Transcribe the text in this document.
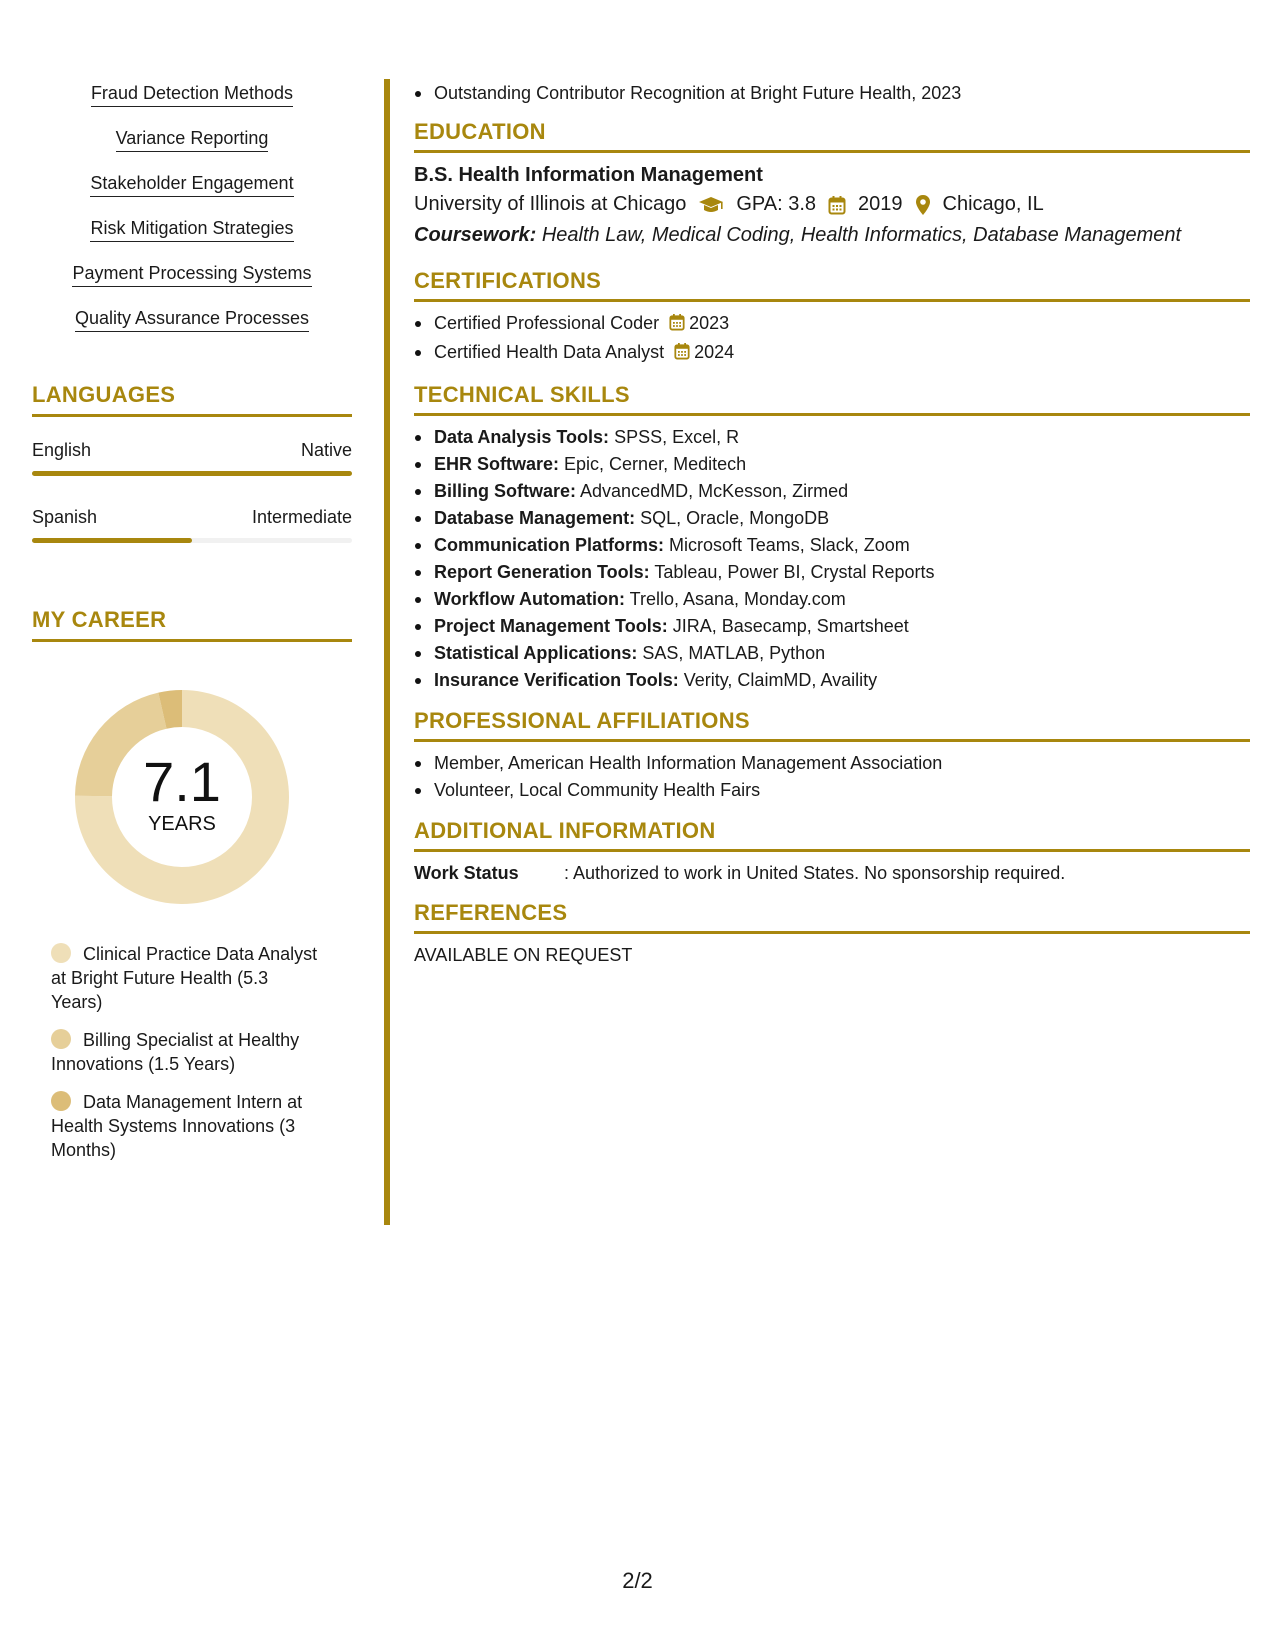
Fraud Detection Methods
Variance Reporting
Stakeholder Engagement
Risk Mitigation Strategies
Payment Processing Systems
Quality Assurance Processes
LANGUAGES
English	Native
Spanish	Intermediate
MY CAREER
7.1
YEARS
Clinical Practice Data Analyst at Bright Future Health (5.3 Years)
Billing Specialist at Healthy Innovations (1.5 Years)
Data Management Intern at Health Systems Innovations (3 Months)
Outstanding Contributor Recognition at Bright Future Health, 2023
EDUCATION
B.S. Health Information Management
University of Illinois at Chicago	GPA: 3.8 2019 Chicago, IL
Coursework: Health Law, Medical Coding, Health Informatics, Database Management
CERTIFICATIONS
Certified Professional Coder 2023
Certified Health Data Analyst 2024
TECHNICAL SKILLS
Data Analysis Tools: SPSS, Excel, R
EHR Software: Epic, Cerner, Meditech
Billing Software: AdvancedMD, McKesson, Zirmed
Database Management: SQL, Oracle, MongoDB
Communication Platforms: Microsoft Teams, Slack, Zoom
Report Generation Tools: Tableau, Power BI, Crystal Reports
Workflow Automation: Trello, Asana, Monday.com
Project Management Tools: JIRA, Basecamp, Smartsheet
Statistical Applications: SAS, MATLAB, Python
Insurance Verification Tools: Verity, ClaimMD, Availity
PROFESSIONAL AFFILIATIONS
Member, American Health Information Management Association
Volunteer, Local Community Health Fairs
ADDITIONAL INFORMATION
Work Status	: Authorized to work in United States. No sponsorship required.
REFERENCES
AVAILABLE ON REQUEST
2/2
